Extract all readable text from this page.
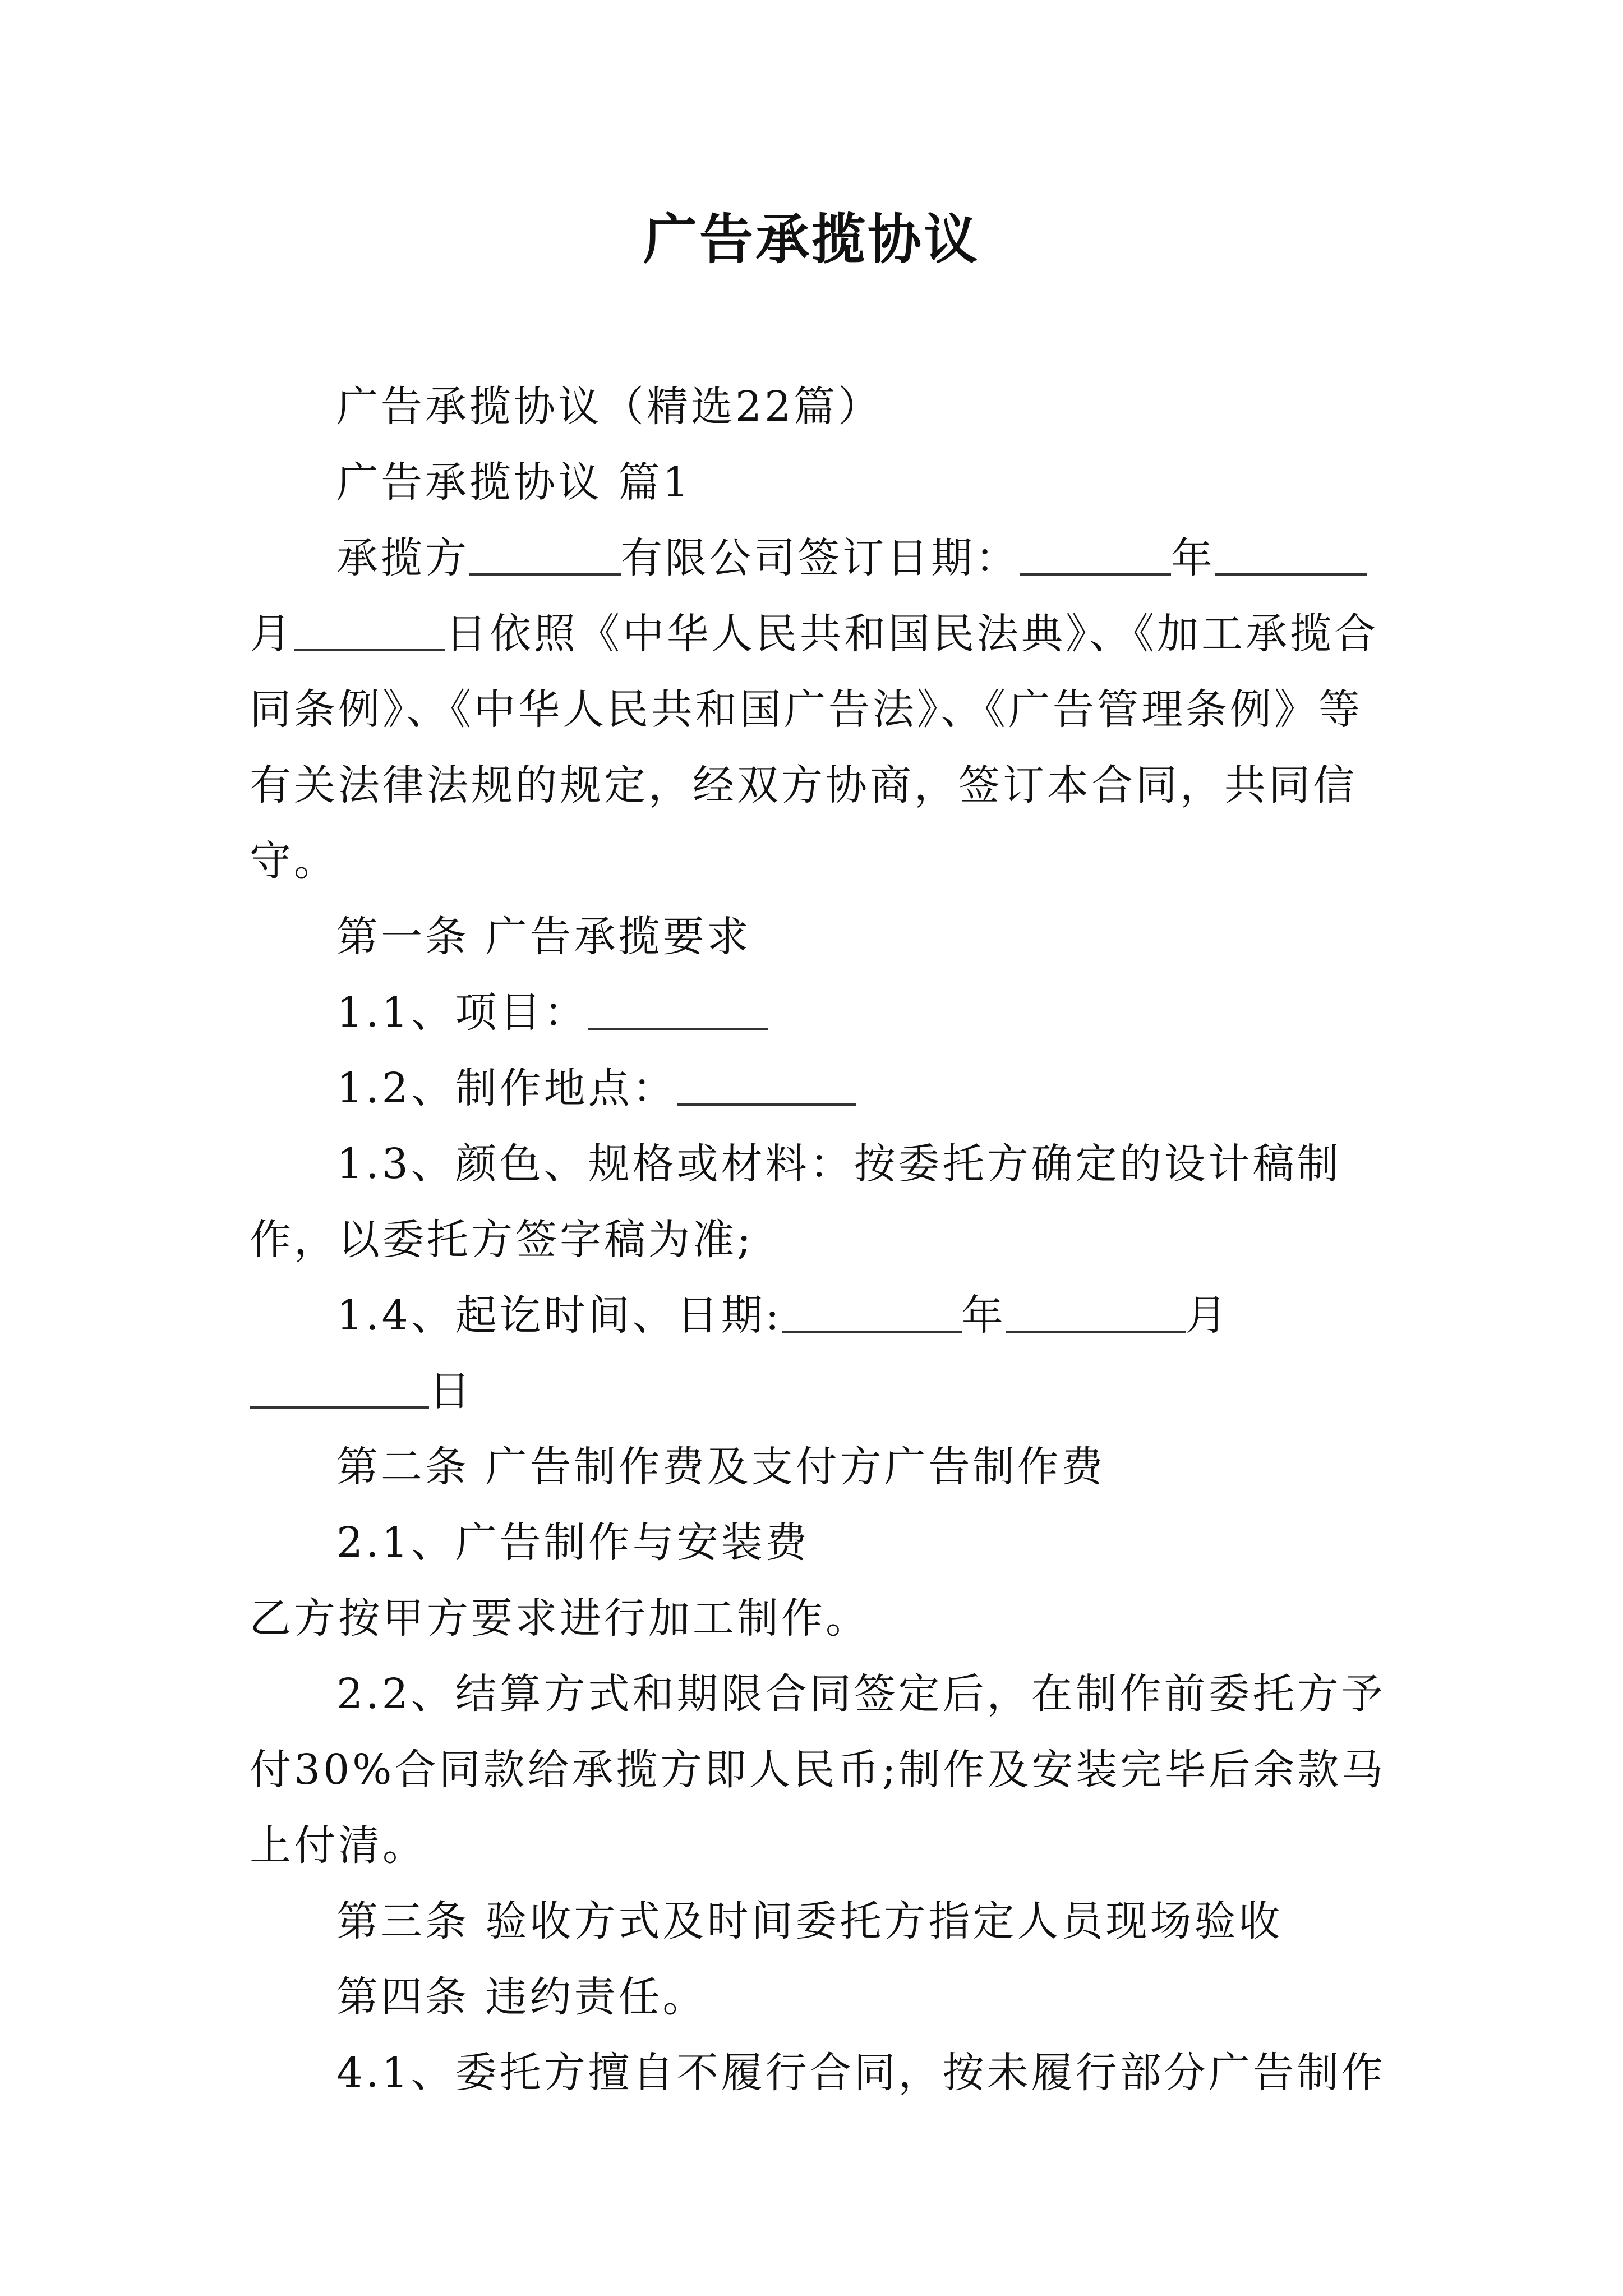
广告承揽协议

广告承揽协议（精选22篇）

广告承揽协议 篇1

承揽方	有限公司签订日期：	年月	日依照《中华人民共和国民法典》、《加工承揽合同条例》、《中华人民共和国广告法》、《广告管理条例》等有关法律法规的规定，经双方协商，签订本合同，共同信守。

第一条 广告承揽要求

1.1、项目：

1.2、制作地点：

1.3、颜色、规格或材料：按委托方确定的设计稿制作，以委托方签字稿为准;

1.4、起讫时间、日期:	年	月日

第二条 广告制作费及支付方广告制作费

2.1、广告制作与安装费

乙方按甲方要求进行加工制作。

2.2、结算方式和期限合同签定后，在制作前委托方予付30%合同款给承揽方即人民币;制作及安装完毕后余款马上付清。

第三条 验收方式及时间委托方指定人员现场验收

第四条 违约责任。

4.1、委托方擅自不履行合同，按未履行部分广告制作
